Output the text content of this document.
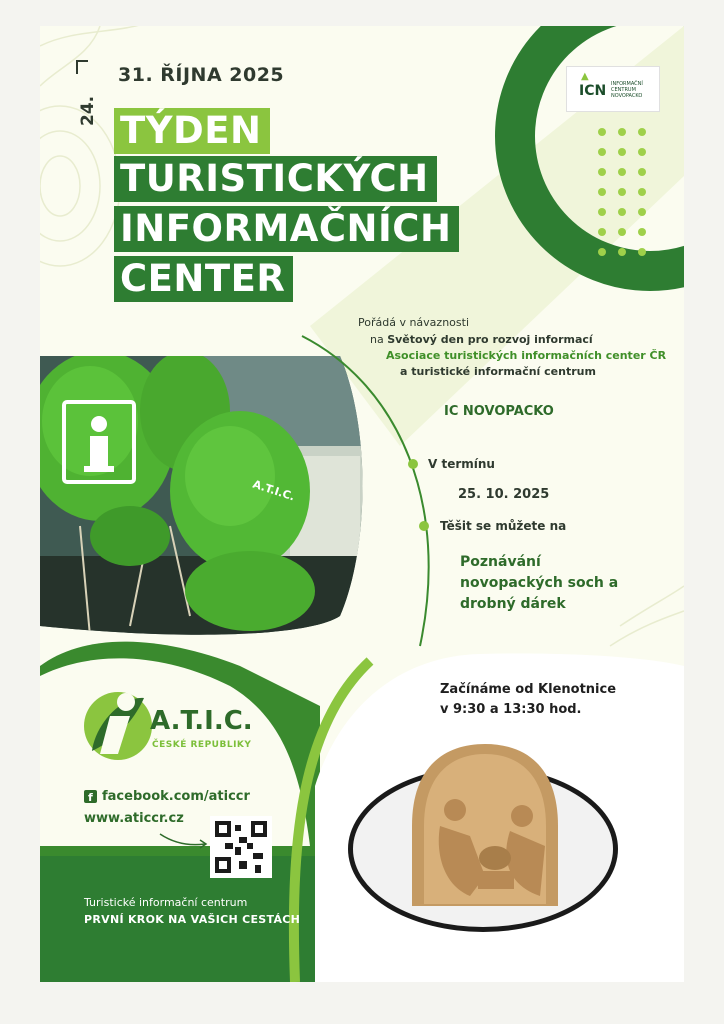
f
31. ŘÍJNA 2025
24. TÝDEN
TURISTICKÝCH
INFORMAČNÍCH
CENTER
▲
ICN INFORMAČNÍ CENTRUM NOVOPACKO
Pořádá v návaznosti
na Světový den pro rozvoj informací
Asociace turistických informačních center ČR
a turistické informační centrum
IC NOVOPACKO
V termínu
25. 10. 2025
Těšit se můžete na
Poznávání
novopackých soch a
drobný dárek
Začínáme od Klenotnice
v 9:30 a 13:30 hod.
A.T.I.C.
A.T.I.C.
ČESKÉ REPUBLIKY
facebook.com/aticcr
www.aticcr.cz
Turistické informační centrum
PRVNÍ KROK NA VAŠICH CESTÁCH
